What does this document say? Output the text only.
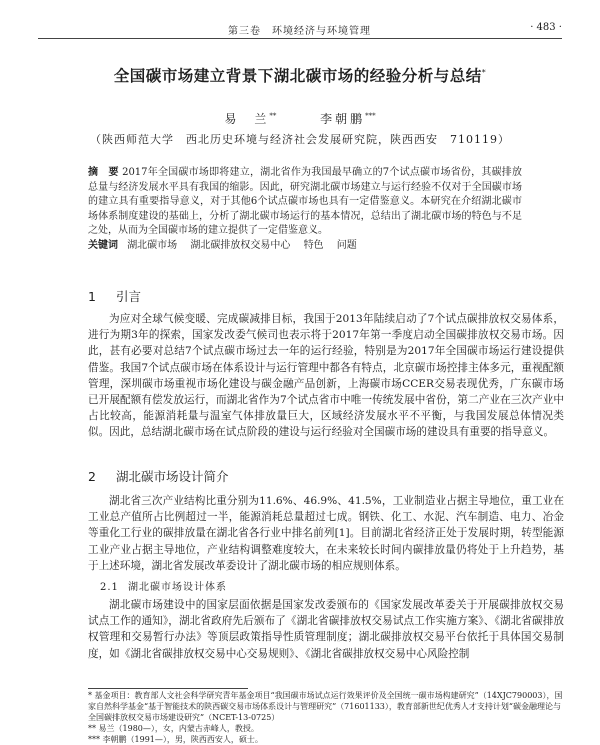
第三卷　环境经济与环境管理	· 483 ·
全国碳市场建立背景下湖北碳市场的经验分析与总结*
易　兰**	李朝鹏***
（陕西师范大学　西北历史环境与经济社会发展研究院，陕西西安　710119）
摘　要 2017年全国碳市场即将建立，湖北省作为我国最早确立的7个试点碳市场省份，其碳排放总量与经济发展水平具有我国的缩影。因此，研究湖北碳市场建立与运行经验不仅对于全国碳市场的建立具有重要指导意义，对于其他6个试点碳市场也具有一定借鉴意义。本研究在介绍湖北碳市场体系制度建设的基础上，分析了湖北碳市场运行的基本情况，总结出了湖北碳市场的特色与不足之处，从而为全国碳市场的建立提供了一定借鉴意义。
关键词 湖北碳市场　 湖北碳排放权交易中心　 特色　 问题
1 引言
为应对全球气候变暖、完成碳减排目标，我国于2013年陆续启动了7个试点碳排放权交易体系，进行为期3年的探索，国家发改委气候司也表示将于2017年第一季度启动全国碳排放权交易市场。因此，甚有必要对总结7个试点碳市场过去一年的运行经验，特别是为2017年全国碳市场运行建设提供借鉴。我国7个试点碳市场在体系设计与运行管理中都各有特点，北京碳市场控排主体多元，重视配额管理，深圳碳市场重视市场化建设与碳金融产品创新，上海碳市场CCER交易表现优秀，广东碳市场已开展配额有偿发放运行，而湖北省作为7个试点省市中唯一传统发展中省份，第二产业在三次产业中占比较高，能源消耗量与温室气体排放量巨大，区域经济发展水平不平衡，与我国发展总体情况类似。因此，总结湖北碳市场在试点阶段的建设与运行经验对全国碳市场的建设具有重要的指导意义。
2 湖北碳市场设计简介
湖北省三次产业结构比重分别为11.6%、46.9%、41.5%，工业制造业占据主导地位，重工业在工业总产值所占比例超过一半，能源消耗总量超过七成。钢铁、化工、水泥、汽车制造、电力、冶金等重化工行业的碳排放量在湖北省各行业中排名前列[1]。目前湖北省经济正处于发展时期，转型能源工业产业占据主导地位，产业结构调整难度较大，在未来较长时间内碳排放量仍将处于上升趋势，基于上述环境，湖北省发展改革委设计了湖北碳市场的相应规则体系。
2.1 湖北碳市场设计体系
湖北碳市场建设中的国家层面依据是国家发改委颁布的《国家发展改革委关于开展碳排放权交易试点工作的通知》，湖北省政府先后颁布了《湖北省碳排放权交易试点工作实施方案》、《湖北省碳排放权管理和交易暂行办法》等顶层政策指导性质管理制度；湖北碳排放权交易平台依托于具体国交易制度，如《湖北省碳排放权交易中心交易规则》、《湖北省碳排放权交易中心风险控制
* 基金项目：教育部人文社会科学研究青年基金项目“我国碳市场试点运行效果评价及全国统一碳市场构建研究”（14XJC790003），国家自然科学基金“基于智能技术的陕西碳交易市场体系设计与管理研究”（71601133），教育部新世纪优秀人才支持计划“碳金融理论与全国碳排放权交易市场建设研究”（NCET-13-0725）
** 易兰（1980—），女，内蒙古赤峰人，教授。
*** 李朝鹏（1991—），男，陕西西安人，硕士。
